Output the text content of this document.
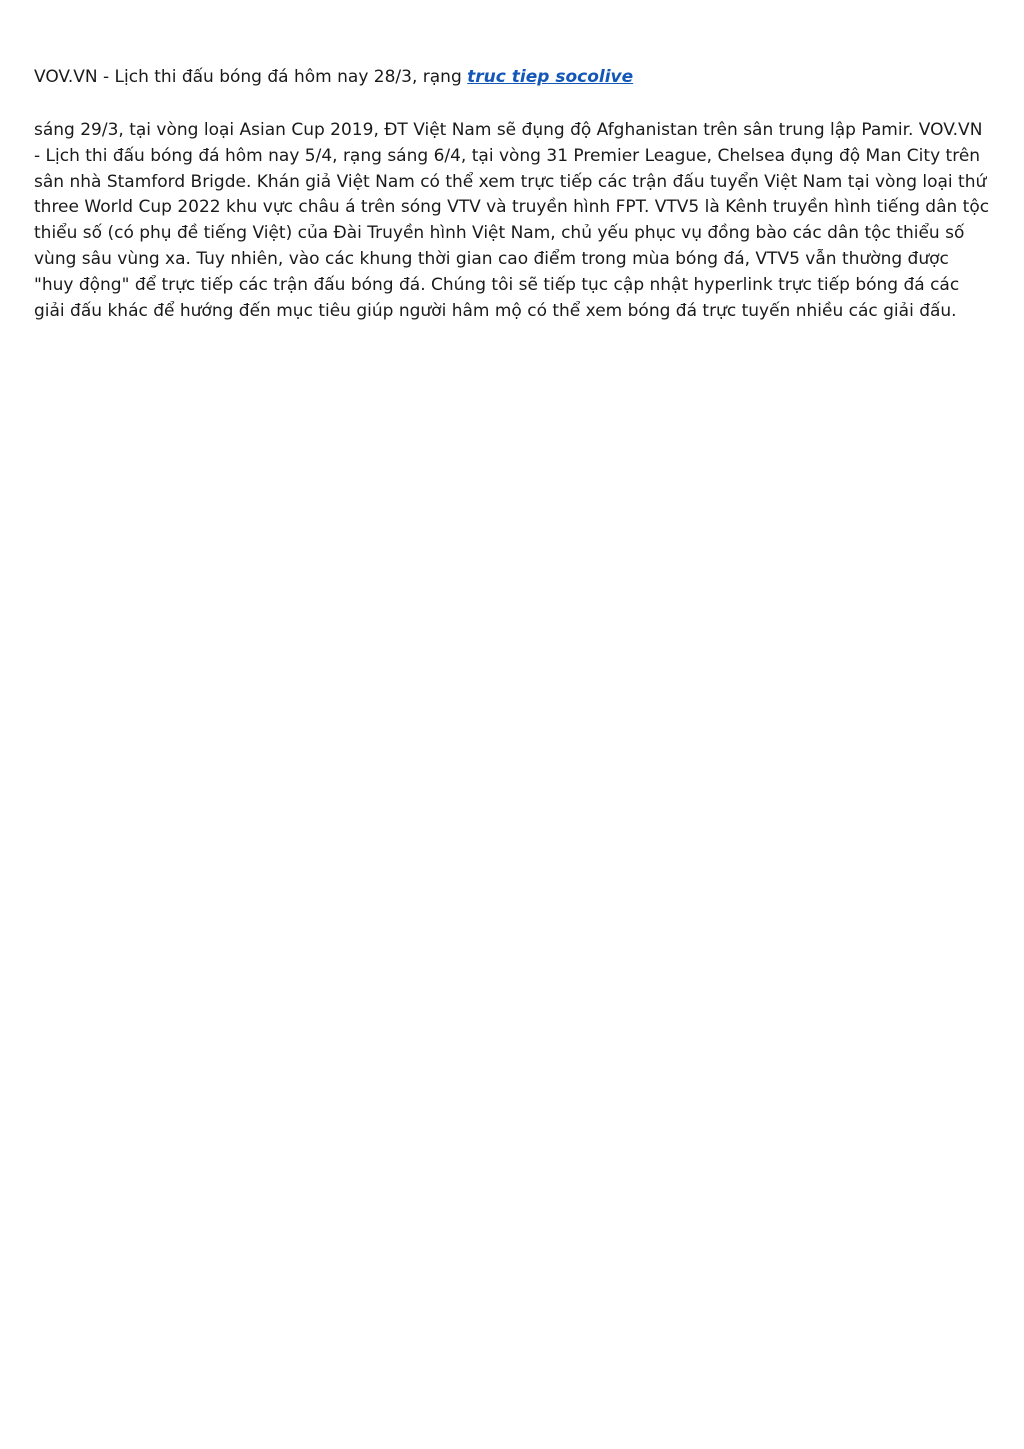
VOV.VN - Lịch thi đấu bóng đá hôm nay 28/3, rạng truc tiep socolive

sáng 29/3, tại vòng loại Asian Cup 2019, ĐT Việt Nam sẽ đụng độ Afghanistan trên sân trung lập Pamir. VOV.VN - Lịch thi đấu bóng đá hôm nay 5/4, rạng sáng 6/4, tại vòng 31 Premier League, Chelsea đụng độ Man City trên sân nhà Stamford Brigde. Khán giả Việt Nam có thể xem trực tiếp các trận đấu tuyển Việt Nam tại vòng loại thứ three World Cup 2022 khu vực châu á trên sóng VTV và truyền hình FPT. VTV5 là Kênh truyền hình tiếng dân tộc thiểu số (có phụ đề tiếng Việt) của Đài Truyền hình Việt Nam, chủ yếu phục vụ đồng bào các dân tộc thiểu số vùng sâu vùng xa. Tuy nhiên, vào các khung thời gian cao điểm trong mùa bóng đá, VTV5 vẫn thường được "huy động" để trực tiếp các trận đấu bóng đá. Chúng tôi sẽ tiếp tục cập nhật hyperlink trực tiếp bóng đá các giải đấu khác để hướng đến mục tiêu giúp người hâm mộ có thể xem bóng đá trực tuyến nhiều các giải đấu.
